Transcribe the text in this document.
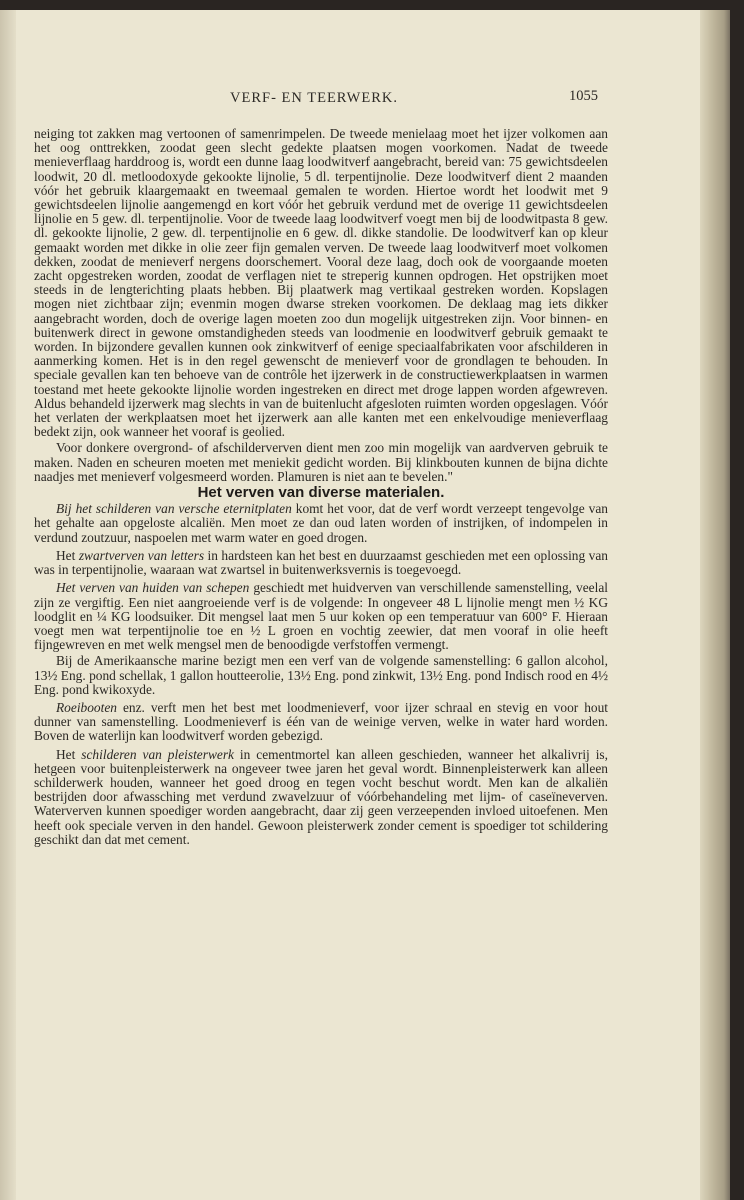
VERF- EN TEERWERK.	1055

neiging tot zakken mag vertoonen of samenrimpelen. De tweede menielaag moet het ijzer volkomen aan het oog onttrekken, zoodat geen slecht gedekte plaatsen mogen voorkomen. Nadat de tweede menieverflaag harddroog is, wordt een dunne laag loodwitverf aangebracht, bereid van: 75 gewichtsdeelen loodwit, 20 dl. metloodoxyde gekookte lijnolie, 5 dl. terpentijnolie. Deze loodwitverf dient 2 maanden vóór het gebruik klaargemaakt en tweemaal gemalen te worden. Hiertoe wordt het loodwit met 9 gewichtsdeelen lijnolie aangemengd en kort vóór het gebruik verdund met de overige 11 gewichtsdeelen lijnolie en 5 gew. dl. terpentijnolie. Voor de tweede laag loodwitverf voegt men bij de loodwitpasta 8 gew. dl. gekookte lijnolie, 2 gew. dl. terpentijnolie en 6 gew. dl. dikke standolie. De loodwitverf kan op kleur gemaakt worden met dikke in olie zeer fijn gemalen verven. De tweede laag loodwitverf moet volkomen dekken, zoodat de menieverf nergens doorschemert. Vooral deze laag, doch ook de voorgaande moeten zacht opgestreken worden, zoodat de verflagen niet te streperig kunnen opdrogen. Het opstrijken moet steeds in de lengterichting plaats hebben. Bij plaatwerk mag vertikaal gestreken worden. Kopslagen mogen niet zichtbaar zijn; evenmin mogen dwarse streken voorkomen. De deklaag mag iets dikker aangebracht worden, doch de overige lagen moeten zoo dun mogelijk uitgestreken zijn. Voor binnen- en buitenwerk direct in gewone omstandigheden steeds van loodmenie en loodwitverf gebruik gemaakt te worden. In bijzondere gevallen kunnen ook zinkwitverf of eenige speciaalfabrikaten voor afschilderen in aanmerking komen. Het is in den regel gewenscht de menieverf voor de grondlagen te behouden. In speciale gevallen kan ten behoeve van de contrôle het ijzerwerk in de constructiewerkplaatsen in warmen toestand met heete gekookte lijnolie worden ingestreken en direct met droge lappen worden afgewreven. Aldus behandeld ijzerwerk mag slechts in van de buitenlucht afgesloten ruimten worden opgeslagen. Vóór het verlaten der werkplaatsen moet het ijzerwerk aan alle kanten met een enkelvoudige menieverflaag bedekt zijn, ook wanneer het vooraf is geolied.

Voor donkere overgrond- of afschilderverven dient men zoo min mogelijk van aardverven gebruik te maken. Naden en scheuren moeten met meniekit gedicht worden. Bij klinkbouten kunnen de bijna dichte naadjes met menieverf volgesmeerd worden. Plamuren is niet aan te bevelen."

Het verven van diverse materialen.

Bij het schilderen van versche eternitplaten komt het voor, dat de verf wordt verzeept tengevolge van het gehalte aan opgeloste alcaliën. Men moet ze dan oud laten worden of instrijken, of indompelen in verdund zoutzuur, naspoelen met warm water en goed drogen.

Het zwartverven van letters in hardsteen kan het best en duurzaamst geschieden met een oplossing van was in terpentijnolie, waaraan wat zwartsel in buitenwerksvernis is toegevoegd.

Het verven van huiden van schepen geschiedt met huidverven van verschillende samenstelling, veelal zijn ze vergiftig. Een niet aangroeiende verf is de volgende: In ongeveer 48 L lijnolie mengt men ½ KG loodglit en ¼ KG loodsuiker. Dit mengsel laat men 5 uur koken op een temperatuur van 600° F. Hieraan voegt men wat terpentijnolie toe en ½ L groen en vochtig zeewier, dat men vooraf in olie heeft fijngewreven en met welk mengsel men de benoodigde verfstoffen vermengt.

Bij de Amerikaansche marine bezigt men een verf van de volgende samenstelling: 6 gallon alcohol, 13½ Eng. pond schellak, 1 gallon houtteerolie, 13½ Eng. pond zinkwit, 13½ Eng. pond Indisch rood en 4½ Eng. pond kwikoxyde.

Roeibooten enz. verft men het best met loodmenieverf, voor ijzer schraal en stevig en voor hout dunner van samenstelling. Loodmenieverf is één van de weinige verven, welke in water hard worden. Boven de waterlijn kan loodwitverf worden gebezigd.

Het schilderen van pleisterwerk in cementmortel kan alleen geschieden, wanneer het alkalivrij is, hetgeen voor buitenpleisterwerk na ongeveer twee jaren het geval wordt. Binnenpleisterwerk kan alleen schilderwerk houden, wanneer het goed droog en tegen vocht beschut wordt. Men kan de alkaliën bestrijden door afwassching met verdund zwavelzuur of vóórbehandeling met lijm- of caseïneverven. Waterverven kunnen spoediger worden aangebracht, daar zij geen verzeependen invloed uitoefenen. Men heeft ook speciale verven in den handel. Gewoon pleisterwerk zonder cement is spoediger tot schildering geschikt dan dat met cement.
